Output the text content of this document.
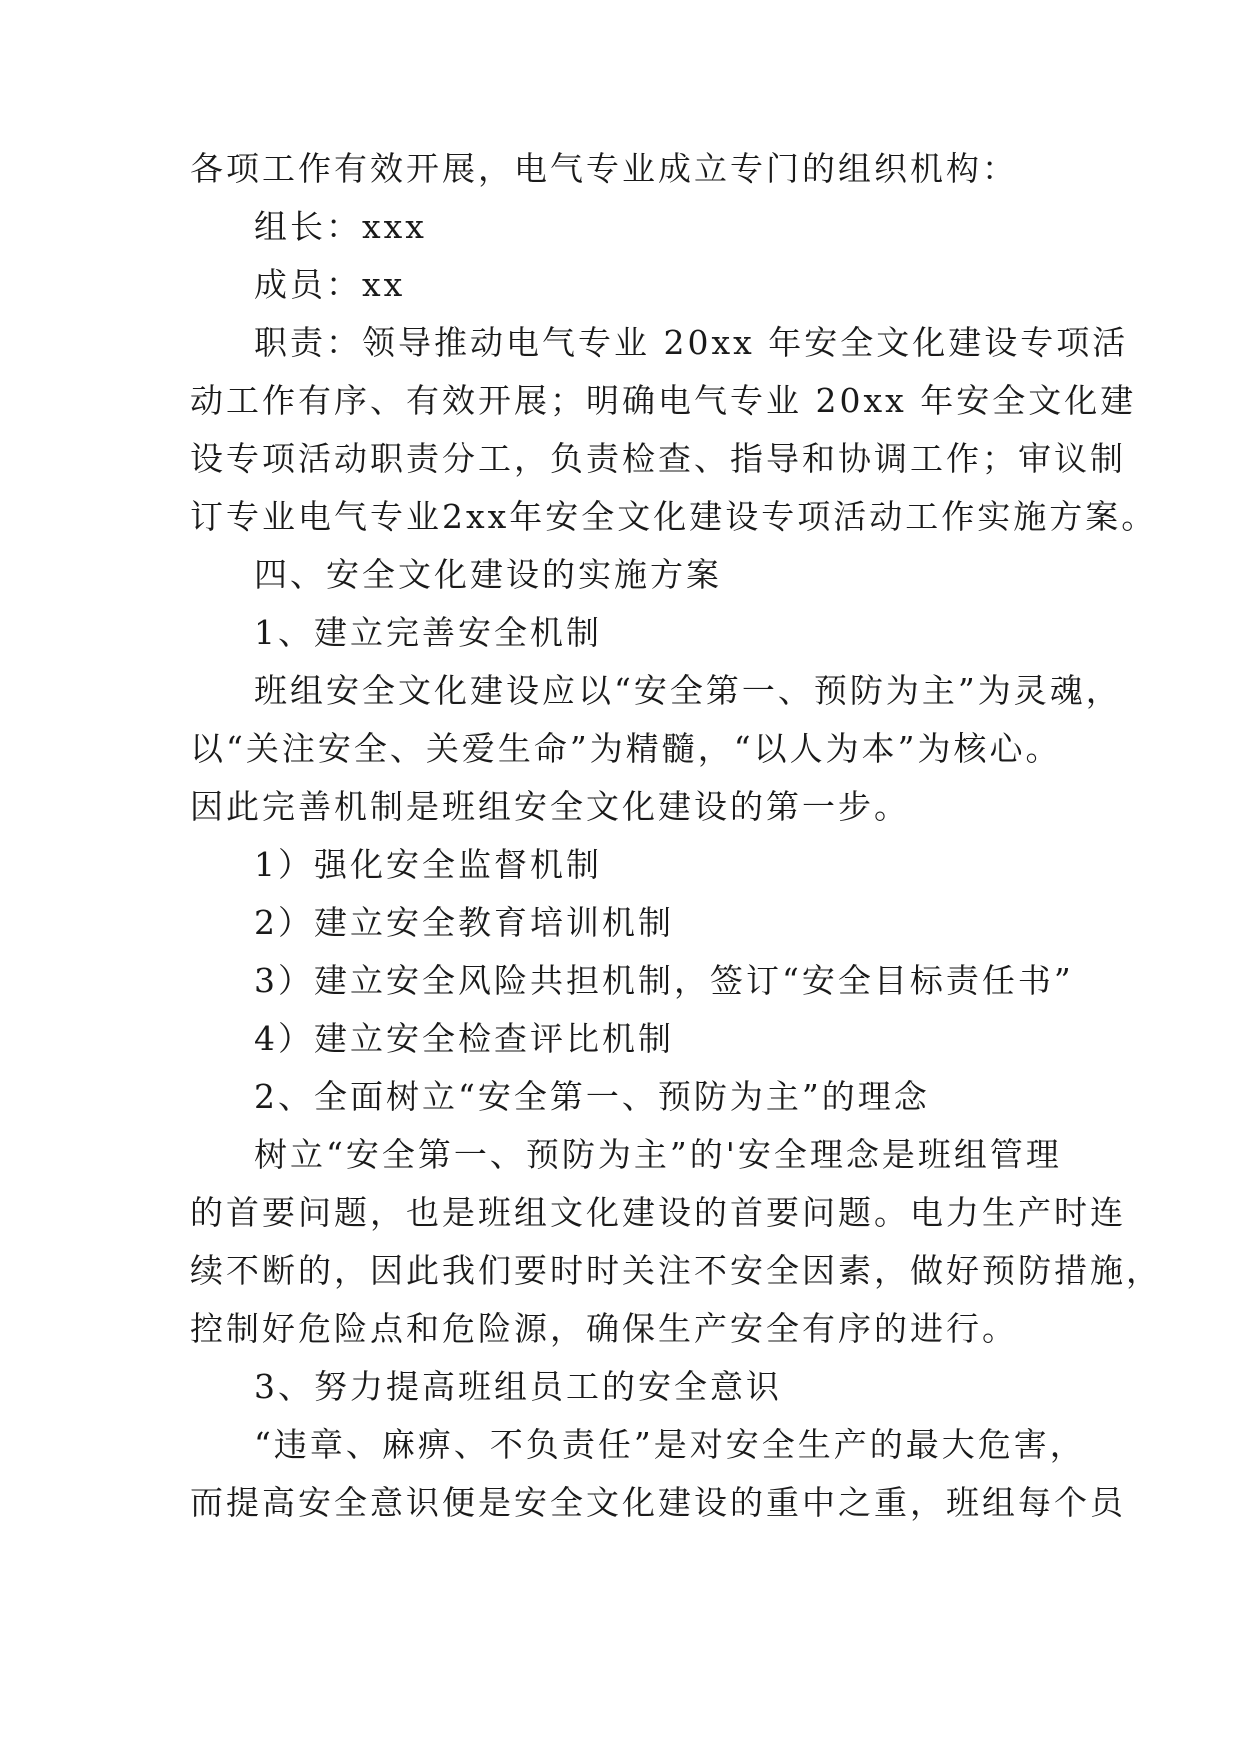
各项工作有效开展，电气专业成立专门的组织机构：
组长：xxx
成员：xx
职责：领导推动电气专业 20xx 年安全文化建设专项活
动工作有序、有效开展；明确电气专业 20xx 年安全文化建
设专项活动职责分工，负责检查、指导和协调工作；审议制
订专业电气专业2xx年安全文化建设专项活动工作实施方案。
四、安全文化建设的实施方案
1、建立完善安全机制
班组安全文化建设应以“安全第一、预防为主”为灵魂，
以“关注安全、关爱生命”为精髓，“以人为本”为核心。
因此完善机制是班组安全文化建设的第一步。
1）强化安全监督机制
2）建立安全教育培训机制
3）建立安全风险共担机制，签订“安全目标责任书”
4）建立安全检查评比机制
2、全面树立“安全第一、预防为主”的理念
树立“安全第一、预防为主”的'安全理念是班组管理
的首要问题，也是班组文化建设的首要问题。电力生产时连
续不断的，因此我们要时时关注不安全因素，做好预防措施，
控制好危险点和危险源，确保生产安全有序的进行。
3、努力提高班组员工的安全意识
“违章、麻痹、不负责任”是对安全生产的最大危害，
而提高安全意识便是安全文化建设的重中之重，班组每个员
